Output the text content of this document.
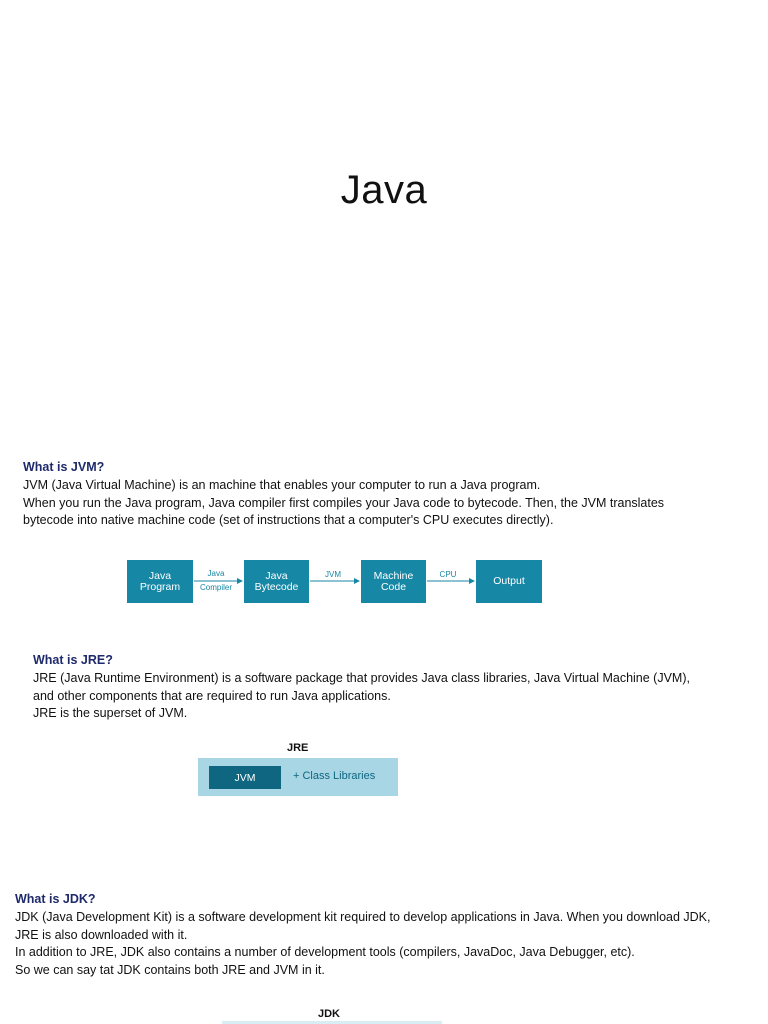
Java
What is JVM?
JVM (Java Virtual Machine) is an machine that enables your computer to run a Java program.
When you run the Java program, Java compiler first compiles your Java code to bytecode. Then, the JVM translates
bytecode into native machine code (set of instructions that a computer's CPU executes directly).
Java
Program
Java
Bytecode
Machine
Code	Output
Java
Compiler
JVM	CPU
What is JRE?
JRE (Java Runtime Environment) is a software package that provides Java class libraries, Java Virtual Machine (JVM),
and other components that are required to run Java applications.
JRE is the superset of JVM.
JRE
JVM	+ Class Libraries
What is JDK?
JDK (Java Development Kit) is a software development kit required to develop applications in Java. When you download JDK,
JRE is also downloaded with it.
In addition to JRE, JDK also contains a number of development tools (compilers, JavaDoc, Java Debugger, etc).
So we can say tat JDK contains both JRE and JVM in it.
JDK
